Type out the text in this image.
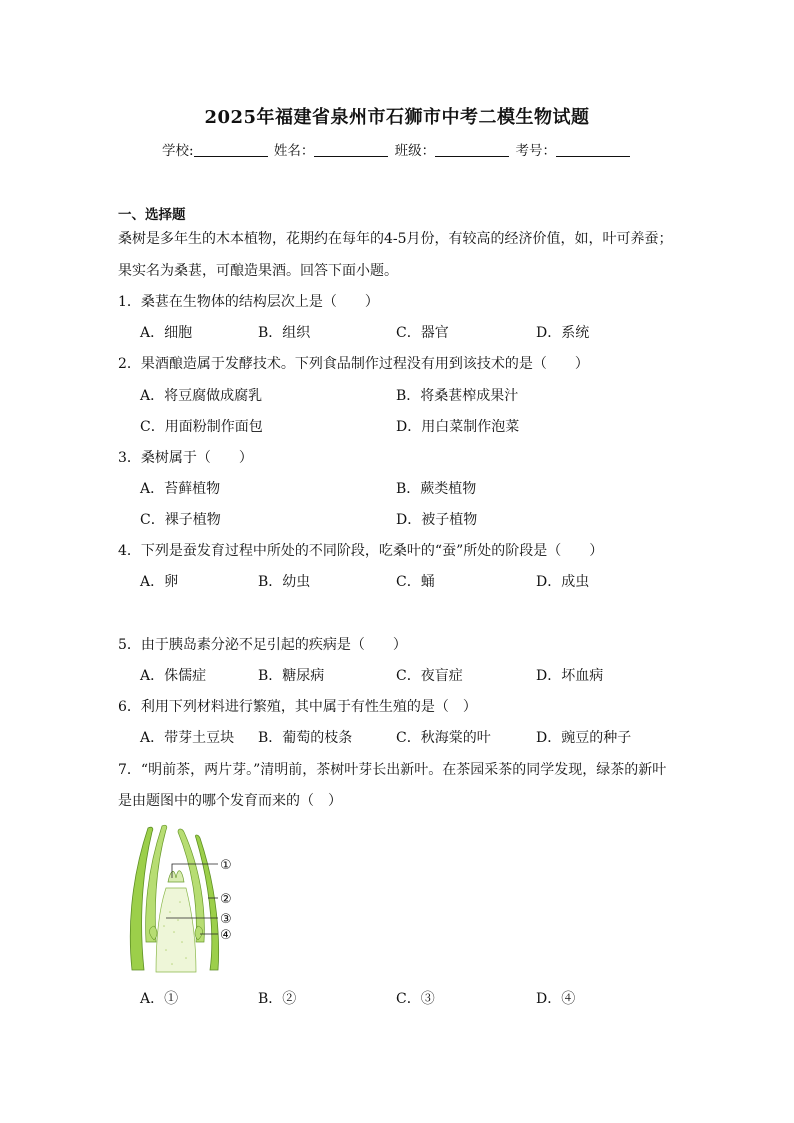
2025年福建省泉州市石狮市中考二模生物试题
学校:	姓名：	班级：	考号：
一、选择题
桑树是多年生的木本植物，花期约在每年的4-5月份，有较高的经济价值，如，叶可养蚕；
果实名为桑葚，可酿造果酒。回答下面小题。
1．桑葚在生物体的结构层次上是（　　）
A．细胞	B．组织	C．器官	D．系统
2．果酒酿造属于发酵技术。下列食品制作过程没有用到该技术的是（　　）
A．将豆腐做成腐乳	B．将桑葚榨成果汁
C．用面粉制作面包	D．用白菜制作泡菜
3．桑树属于（　　）
A．苔藓植物	B．蕨类植物
C．裸子植物	D．被子植物
4．下列是蚕发育过程中所处的不同阶段，吃桑叶的“蚕”所处的阶段是（　　）
A．卵	B．幼虫	C．蛹	D．成虫
5．由于胰岛素分泌不足引起的疾病是（　　）
A．侏儒症	B．糖尿病	C．夜盲症	D．坏血病
6．利用下列材料进行繁殖，其中属于有性生殖的是（　）
A．带芽土豆块 B．葡萄的枝条	C．秋海棠的叶	D．豌豆的种子
7．“明前茶，两片芽。”清明前，茶树叶芽长出新叶。在茶园采茶的同学发现，绿茶的新叶
是由题图中的哪个发育而来的（　）
①
②
③
④
A．①	B．②	C．③	D．④
